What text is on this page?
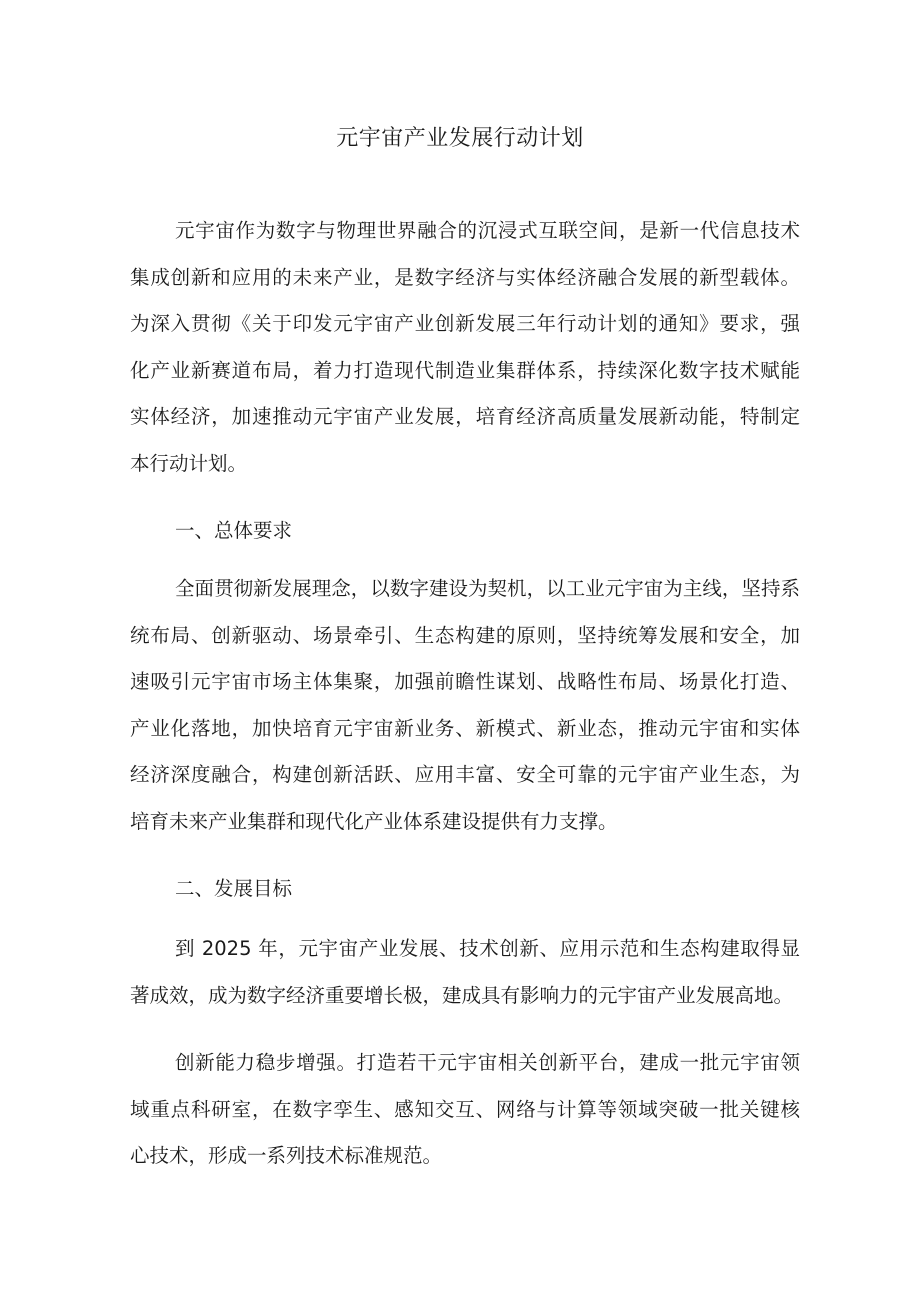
元宇宙产业发展行动计划
元宇宙作为数字与物理世界融合的沉浸式互联空间，是新一代信息技术
集成创新和应用的未来产业，是数字经济与实体经济融合发展的新型载体。
为深入贯彻《关于印发元宇宙产业创新发展三年行动计划的通知》要求，强
化产业新赛道布局，着力打造现代制造业集群体系，持续深化数字技术赋能
实体经济，加速推动元宇宙产业发展，培育经济高质量发展新动能，特制定
本行动计划。
一、总体要求
全面贯彻新发展理念，以数字建设为契机，以工业元宇宙为主线，坚持系
统布局、创新驱动、场景牵引、生态构建的原则，坚持统筹发展和安全，加
速吸引元宇宙市场主体集聚，加强前瞻性谋划、战略性布局、场景化打造、
产业化落地，加快培育元宇宙新业务、新模式、新业态，推动元宇宙和实体
经济深度融合，构建创新活跃、应用丰富、安全可靠的元宇宙产业生态，为
培育未来产业集群和现代化产业体系建设提供有力支撑。
二、发展目标
到 2025 年，元宇宙产业发展、技术创新、应用示范和生态构建取得显
著成效，成为数字经济重要增长极，建成具有影响力的元宇宙产业发展高地。
创新能力稳步增强。打造若干元宇宙相关创新平台，建成一批元宇宙领
域重点科研室，在数字孪生、感知交互、网络与计算等领域突破一批关键核
心技术，形成一系列技术标准规范。
